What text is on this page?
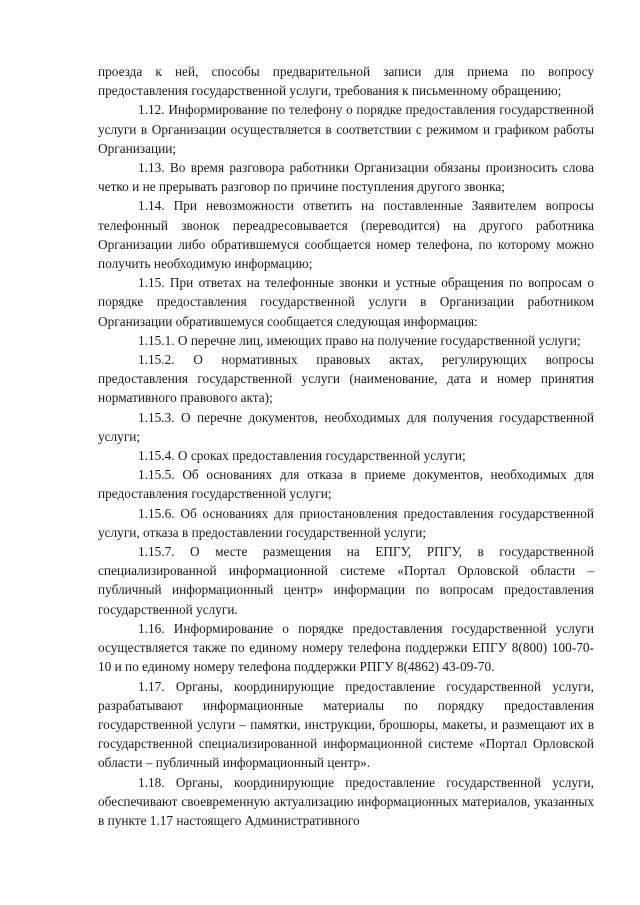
проезда к ней, способы предварительной записи для приема по вопросу предоставления государственной услуги, требования к письменному обращению;

1.12. Информирование по телефону о порядке предоставления государственной услуги в Организации осуществляется в соответствии с режимом и графиком работы Организации;

1.13. Во время разговора работники Организации обязаны произносить слова четко и не прерывать разговор по причине поступления другого звонка;

1.14. При невозможности ответить на поставленные Заявителем вопросы телефонный звонок переадресовывается (переводится) на другого работника Организации либо обратившемуся сообщается номер телефона, по которому можно получить необходимую информацию;

1.15. При ответах на телефонные звонки и устные обращения по вопросам о порядке предоставления государственной услуги в Организации работником Организации обратившемуся сообщается следующая информация:

1.15.1. О перечне лиц, имеющих право на получение государственной услуги;

1.15.2. О нормативных правовых актах, регулирующих вопросы предоставления государственной услуги (наименование, дата и номер принятия нормативного правового акта);

1.15.3. О перечне документов, необходимых для получения государственной услуги;

1.15.4. О сроках предоставления государственной услуги;

1.15.5. Об основаниях для отказа в приеме документов, необходимых для предоставления государственной услуги;

1.15.6. Об основаниях для приостановления предоставления государственной услуги, отказа в предоставлении государственной услуги;

1.15.7. О месте размещения на ЕПГУ, РПГУ, в государственной специализированной информационной системе «Портал Орловской области – публичный информационный центр» информации по вопросам предоставления государственной услуги.

1.16. Информирование о порядке предоставления государственной услуги осуществляется также по единому номеру телефона поддержки ЕПГУ 8(800) 100-70-10 и по единому номеру телефона поддержки РПГУ 8(4862) 43-09-70.

1.17. Органы, координирующие предоставление государственной услуги, разрабатывают информационные материалы по порядку предоставления государственной услуги – памятки, инструкции, брошюры, макеты, и размещают их в государственной специализированной информационной системе «Портал Орловской области – публичный информационный центр».

1.18. Органы, координирующие предоставление государственной услуги, обеспечивают своевременную актуализацию информационных материалов, указанных в пункте 1.17 настоящего Административного
